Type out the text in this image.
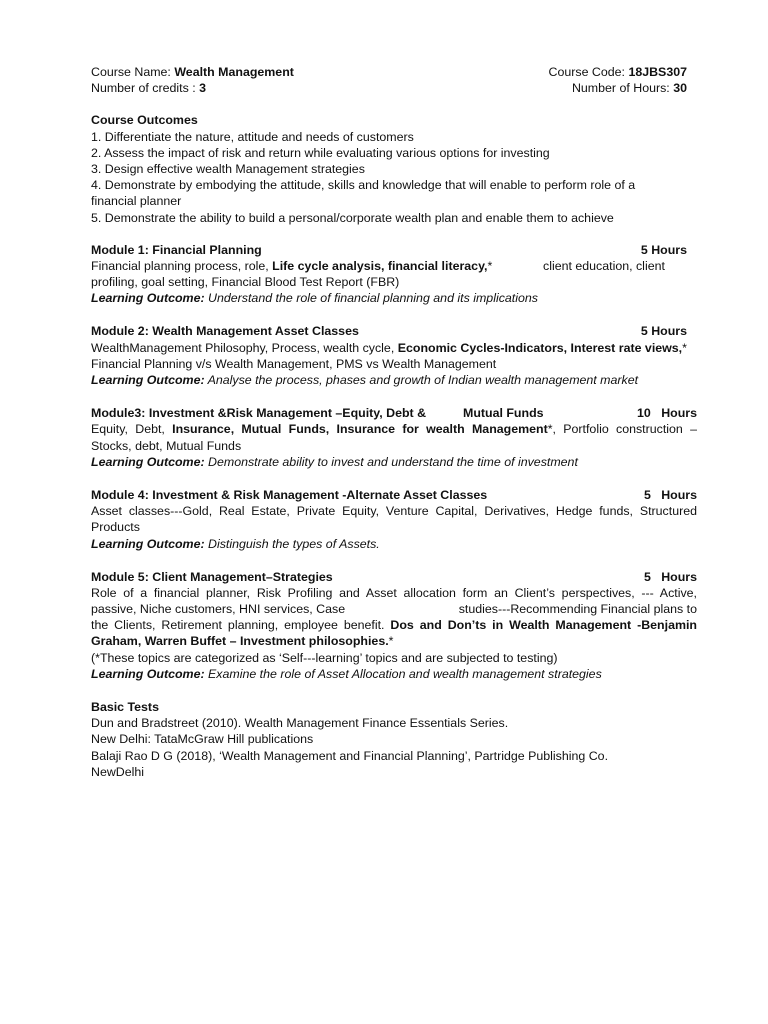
Course Name: Wealth Management	Course Code: 18JBS307
Number of credits : 3	Number of Hours: 30
Course Outcomes
1. Differentiate the nature, attitude and needs of customers
2. Assess the impact of risk and return while evaluating various options for investing
3. Design effective wealth Management strategies
4. Demonstrate by embodying the attitude, skills and knowledge that will enable to perform role of a
financial planner
5. Demonstrate the ability to build a personal/corporate wealth plan and enable them to achieve
Module 1: Financial Planning	5 Hours
Financial planning process, role, Life cycle analysis, financial literacy,*	client education, client
profiling, goal setting, Financial Blood Test Report (FBR)
Learning Outcome: Understand the role of financial planning and its implications
Module 2: Wealth Management Asset Classes	5 Hours
WealthManagement Philosophy, Process, wealth cycle, Economic Cycles-Indicators, Interest rate views,*
Financial Planning v/s Wealth Management, PMS vs Wealth Management
Learning Outcome: Analyse the process, phases and growth of Indian wealth management market
Module3: Investment &Risk Management –Equity, Debt &	Mutual Funds	10 Hours
Equity, Debt, Insurance, Mutual Funds, Insurance for wealth Management*, Portfolio construction –
Stocks, debt, Mutual Funds
Learning Outcome: Demonstrate ability to invest and understand the time of investment
Module 4: Investment & Risk Management -Alternate Asset Classes	5 Hours
Asset classes---Gold, Real Estate, Private Equity, Venture Capital, Derivatives, Hedge funds, Structured
Products
Learning Outcome: Distinguish the types of Assets.
Module 5: Client Management–Strategies	5 Hours
Role of a financial planner, Risk Profiling and Asset allocation form an Client’s perspectives, --- Active,
passive, Niche customers, HNI services, Case	studies---Recommending Financial plans to
the Clients, Retirement planning, employee benefit. Dos and Don’ts in Wealth Management -Benjamin
Graham, Warren Buffet – Investment philosophies.*
(*These topics are categorized as ‘Self---learning’ topics and are subjected to testing)
Learning Outcome: Examine the role of Asset Allocation and wealth management strategies
Basic Tests
Dun and Bradstreet (2010). Wealth Management Finance Essentials Series.
New Delhi: TataMcGraw Hill publications
Balaji Rao D G (2018), ‘Wealth Management and Financial Planning’, Partridge Publishing Co.
NewDelhi
